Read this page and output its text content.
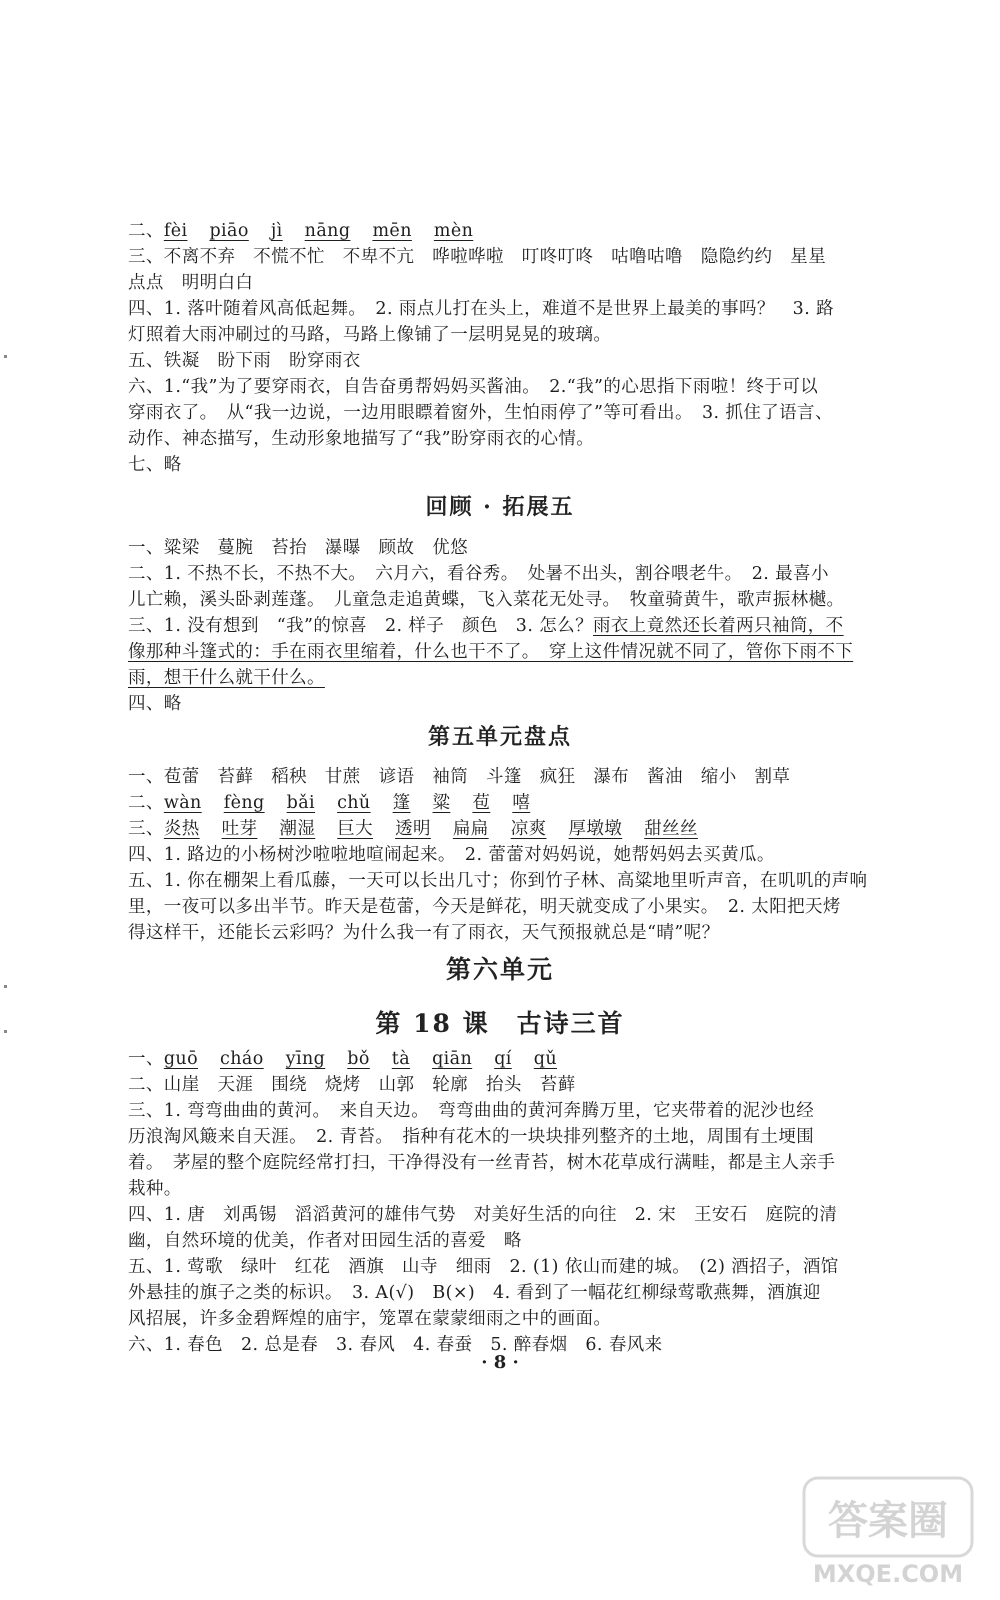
二、fèi piāo jì nāng mēn mèn
三、不离不弃　不慌不忙　不卑不亢　哗啦哗啦　叮咚叮咚　咕噜咕噜　隐隐约约　星星
点点　明明白白
四、1. 落叶随着风高低起舞。　2. 雨点儿打在头上，难道不是世界上最美的事吗？　3. 路
灯照着大雨冲刷过的马路，马路上像铺了一层明晃晃的玻璃。
五、铁凝　盼下雨　盼穿雨衣
六、1.“我”为了要穿雨衣，自告奋勇帮妈妈买酱油。　2.“我”的心思指下雨啦！终于可以
穿雨衣了。　从“我一边说，一边用眼瞟着窗外，生怕雨停了”等可看出。　3. 抓住了语言、
动作、神态描写，生动形象地描写了“我”盼穿雨衣的心情。
七、略
回顾 · 拓展五
一、粱梁　蔓腕　苔抬　瀑曝　顾故　优悠
二、1. 不热不长，不热不大。　六月六，看谷秀。　处暑不出头，割谷喂老牛。　2. 最喜小
儿亡赖，溪头卧剥莲蓬。　儿童急走追黄蝶，飞入菜花无处寻。　牧童骑黄牛，歌声振林樾。
三、1. 没有想到　“我”的惊喜　2. 样子　颜色　3. 怎么？雨衣上竟然还长着两只袖筒，不
像那种斗篷式的：手在雨衣里缩着，什么也干不了。　穿上这件情况就不同了，管你下雨不下
雨，想干什么就干什么。
四、略
第五单元盘点
一、苞蕾　苔藓　稻秧　甘蔗　谚语　袖筒　斗篷　疯狂　瀑布　酱油　缩小　割草
二、wàn fèng bǎi chǔ 篷 粱 苞 嘻
三、炎热 吐芽 潮湿 巨大 透明 扁扁 凉爽 厚墩墩 甜丝丝
四、1. 路边的小杨树沙啦啦地喧闹起来。　2. 蕾蕾对妈妈说，她帮妈妈去买黄瓜。
五、1. 你在棚架上看瓜藤，一天可以长出几寸；你到竹子林、高粱地里听声音，在叽叽的声响
里，一夜可以多出半节。昨天是苞蕾，今天是鲜花，明天就变成了小果实。　2. 太阳把天烤
得这样干，还能长云彩吗？为什么我一有了雨衣，天气预报就总是“晴”呢？
第六单元
第 18 课　古诗三首
一、guō cháo yīng bǒ tà qiān qí qǔ
二、山崖　天涯　围绕　烧烤　山郭　轮廓　抬头　苔藓
三、1. 弯弯曲曲的黄河。　来自天边。　弯弯曲曲的黄河奔腾万里，它夹带着的泥沙也经
历浪淘风簸来自天涯。　2. 青苔。　指种有花木的一块块排列整齐的土地，周围有土埂围
着。　茅屋的整个庭院经常打扫，干净得没有一丝青苔，树木花草成行满畦，都是主人亲手
栽种。
四、1. 唐　刘禹锡　滔滔黄河的雄伟气势　对美好生活的向往　2. 宋　王安石　庭院的清
幽，自然环境的优美，作者对田园生活的喜爱　略
五、1. 莺歌　绿叶　红花　酒旗　山寺　细雨　2. (1) 依山而建的城。　(2) 酒招子，酒馆
外悬挂的旗子之类的标识。　3. A(√)　B(×)　4. 看到了一幅花红柳绿莺歌燕舞，酒旗迎
风招展，许多金碧辉煌的庙宇，笼罩在蒙蒙细雨之中的画面。
六、1. 春色　2. 总是春　3. 春风　4. 春蚕　5. 醉春烟　6. 春风来
· 8 ·
答案圈
MXQE.COM
